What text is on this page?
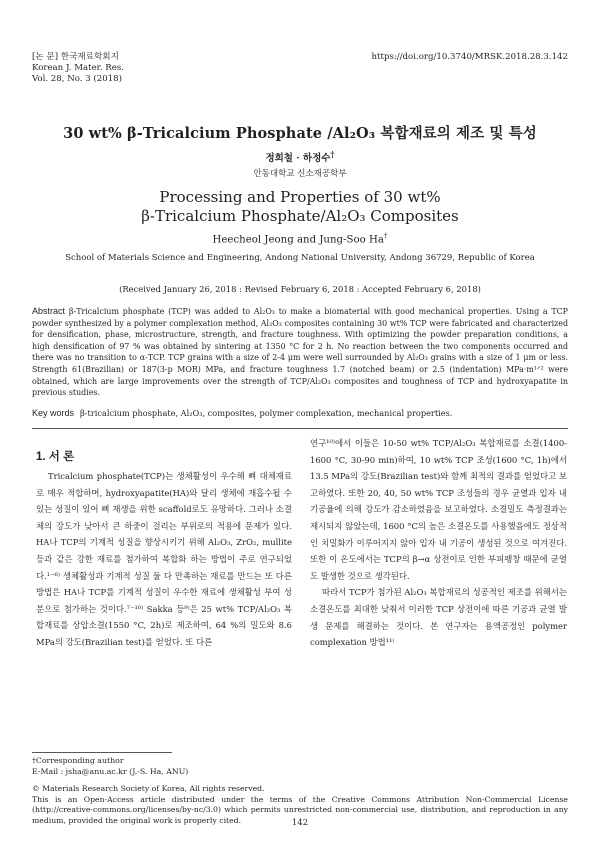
[논 문] 한국재료학회지
Korean J. Mater. Res.
Vol. 28, No. 3 (2018)
https://doi.org/10.3740/MRSK.2018.28.3.142
30 wt% β-Tricalcium Phosphate /Al₂O₃ 복합재료의 제조 및 특성
정희철 · 하정수†
안동대학교 신소재공학부
Processing and Properties of 30 wt%
β-Tricalcium Phosphate/Al₂O₃ Composites
Heecheol Jeong and Jung-Soo Ha†
School of Materials Science and Engineering, Andong National University, Andong 36729, Republic of Korea
(Received January 26, 2018 : Revised February 6, 2018 : Accepted February 6, 2018)
Abstract β-Tricalcium phosphate (TCP) was added to Al₂O₃ to make a biomaterial with good mechanical properties. Using a TCP powder synthesized by a polymer complexation method, Al₂O₃ composites containing 30 wt% TCP were fabricated and characterized for densification, phase, microstructure, strength, and fracture toughness. With optimizing the powder preparation conditions, a high densification of 97 % was obtained by sintering at 1350 °C for 2 h. No reaction between the two components occurred and there was no transition to α-TCP. TCP grains with a size of 2-4 μm were well surrounded by Al₂O₃ grains with a size of 1 μm or less. Strength 61(Brazilian) or 187(3-p MOR) MPa, and fracture toughness 1.7 (notched beam) or 2.5 (indentation) MPa·m¹ᐟ² were obtained, which are large improvements over the strength of TCP/Al₂O₃ composites and toughness of TCP and hydroxyapatite in previous studies.
Key words β-tricalcium phosphate, Al₂O₃, composites, polymer complexation, mechanical properties.
1. 서 론

Tricalcium phosphate(TCP)는 생체활성이 우수해 뼈 대체재료로 매우 적합하며, hydroxyapatite(HA)와 달리 생체에 재흡수될 수 있는 성질이 있어 뼈 재생을 위한 scaffold로도 유망하다. 그러나 소결체의 강도가 낮아서 큰 하중이 걸리는 부위로의 적용에 문제가 있다. HA나 TCP의 기계적 성질을 향상시키기 위해 Al₂O₃, ZrO₂, mullite 등과 같은 강한 재료를 첨가하여 복합화 하는 방법이 주로 연구되었다.¹⁻⁶⁾ 생체활성과 기계적 성질 둘 다 만족하는 재료를 만드는 또 다른 방법은 HA나 TCP를 기계적 성질이 우수한 재료에 생체활성 부여 성분으로 첨가하는 것이다.⁷⁻¹⁰⁾ Sakka 등⁹⁾은 25 wt% TCP/Al₂O₃ 복합재료를 상압소결(1550 °C, 2h)로 제조하여, 64 %의 밀도와 8.6 MPa의 강도(Brazilian test)를 얻었다. 또 다른

연구¹⁰⁾에서 이들은 10-50 wt% TCP/Al₂O₃ 복합재료를 소결(1400-1600 °C, 30-90 min)하여, 10 wt% TCP 조성(1600 °C, 1h)에서 13.5 MPa의 강도(Brazilian test)와 함께 최적의 결과를 얻었다고 보고하였다. 또한 20, 40, 50 wt% TCP 조성들의 경우 균열과 입자 내 기공율에 의해 강도가 감소하였음을 보고하였다. 소결밀도 측정결과는 제시되지 않았는데, 1600 °C의 높은 소결온도를 사용했음에도 정상적인 치밀화가 이루어지지 않아 입자 내 기공이 생성된 것으로 여겨진다. 또한 이 온도에서는 TCP의 β→α 상전이로 인한 부피팽창 때문에 균열도 발생한 것으로 생각된다.

따라서 TCP가 첨가된 Al₂O₃ 복합재료의 성공적인 제조를 위해서는 소결온도를 최대한 낮춰서 이러한 TCP 상전이에 따른 기공과 균열 발생 문제를 해결하는 것이다. 본 연구자는 용액공정인 polymer complexation 방법¹¹⁾

†Corresponding author
E-Mail : jsha@anu.ac.kr (J.-S. Ha, ANU)
© Materials Research Society of Korea, All rights reserved.
This is an Open-Access article distributed under the terms of the Creative Commons Attribution Non-Commercial License (http://creative-commons.org/licenses/by-nc/3.0) which permits unrestricted non-commercial use, distribution, and reproduction in any medium, provided the original work is properly cited.	142
